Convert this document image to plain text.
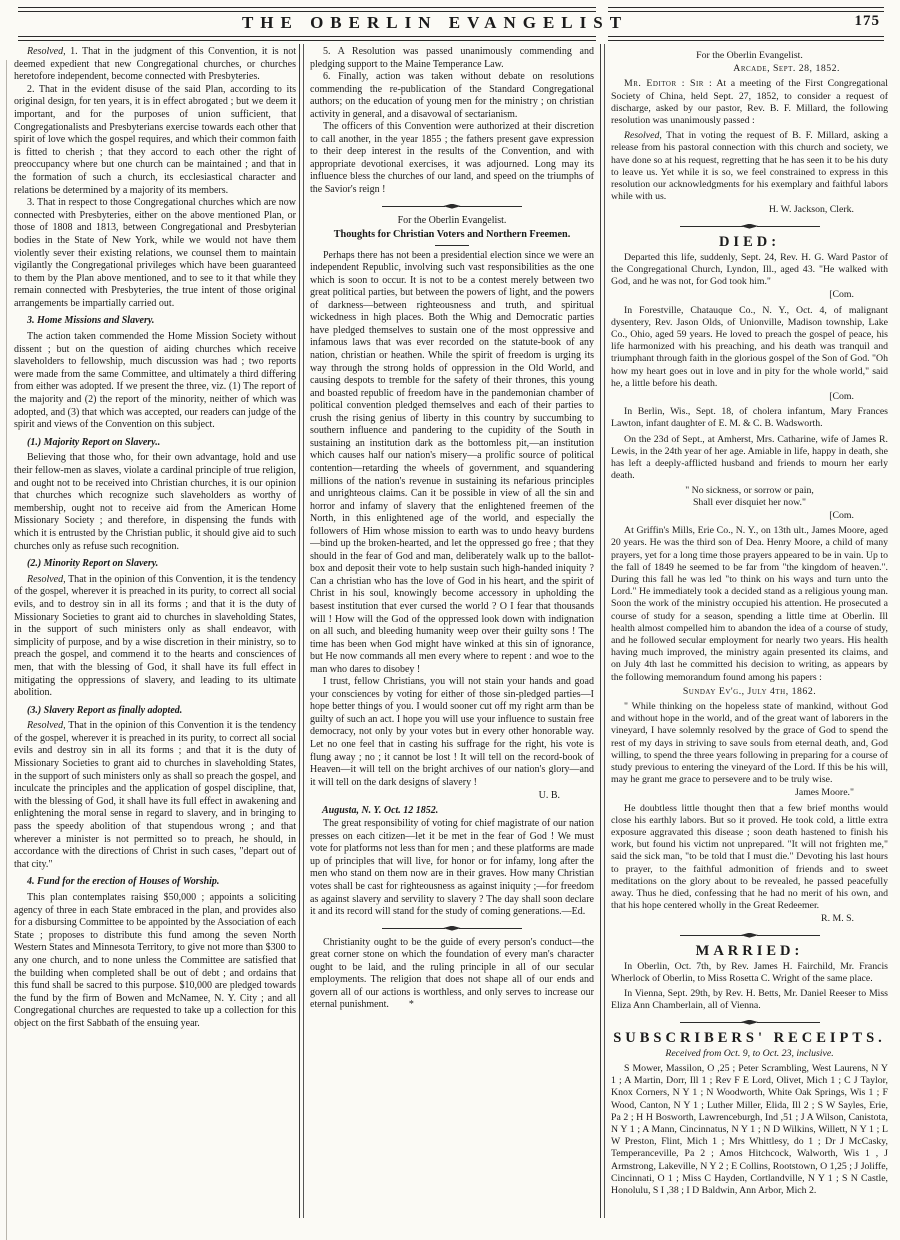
THE OBERLIN EVANGELIST	175
Resolved, 1. That in the judgment of this Convention, it is not deemed expedient that new Congregational churches, or churches heretofore independent, become connected with Presbyteries.
2. That in the evident disuse of the said Plan, according to its original design, for ten years, it is in effect abrogated ; but we deem it important, and for the purposes of union sufficient, that Congregationalists and Presbyterians exercise towards each other that spirit of love which the gospel requires, and which their common faith is fitted to cherish ; that they accord to each other the right of preoccupancy where but one church can be maintained ; and that in the formation of such a church, its ecclesiastical character and relations be determined by a majority of its members.
3. That in respect to those Congregational churches which are now connected with Presbyteries, either on the above mentioned Plan, or those of 1808 and 1813, between Congregational and Presbyterian bodies in the State of New York, while we would not have them violently sever their existing relations, we counsel them to maintain vigilantly the Congregational privileges which have been guaranteed to them by the Plan above mentioned, and to see to it that while they remain connected with Presbyteries, the true intent of those original arrangements be impartially carried out.
3. Home Missions and Slavery.
The action taken commended the Home Mission Society without dissent ; but on the question of aiding churches which receive slaveholders to fellowship, much discussion was had ; two reports were made from the same Committee, and ultimately a third differing from either was adopted. If we present the three, viz. (1) The report of the majority and (2) the report of the minority, neither of which was adopted, and (3) that which was accepted, our readers can judge of the spirit and views of the Convention on this subject.
(1.) Majority Report on Slavery..
Believing that those who, for their own advantage, hold and use their fellow-men as slaves, violate a cardinal principle of true religion, and ought not to be received into Christian churches, it is our opinion that churches which recognize such slaveholders as worthy of membership, ought not to receive aid from the American Home Missionary Society ; and therefore, in dispensing the funds with which it is entrusted by the Christian public, it should give aid to such churches only as refuse such recognition.
(2.) Minority Report on Slavery.
Resolved, That in the opinion of this Convention, it is the tendency of the gospel, wherever it is preached in its purity, to correct all social evils, and to destroy sin in all its forms ; and that it is the duty of Missionary Societies to grant aid to churches in slaveholding States, in the support of such ministers only as shall endeavor, with simplicity of purpose, and by a wise discretion in their ministry, so to preach the gospel, and commend it to the hearts and consciences of men, that with the blessing of God, it shall have its full effect in mitigating the oppressions of slavery, and leading to its ultimate abolition.
(3.) Slavery Report as finally adopted.
Resolved, That in the opinion of this Convention it is the tendency of the gospel, wherever it is preached in its purity, to correct all social evils and destroy sin in all its forms ; and that it is the duty of Missionary Societies to grant aid to churches in slaveholding States, in the support of such ministers only as shall so preach the gospel, and inculcate the principles and the application of gospel discipline, that, with the blessing of God, it shall have its full effect in awakening and enlightening the moral sense in regard to slavery, and in bringing to pass the speedy abolition of that stupendous wrong ; and that wherever a minister is not permitted so to preach, he should, in accordance with the directions of Christ in such cases, "depart out of that city."
4. Fund for the erection of Houses of Worship.
This plan contemplates raising $50,000 ; appoints a soliciting agency of three in each State embraced in the plan, and provides also for a disbursing Committee to be appointed by the Association of each State ; proposes to distribute this fund among the seven North Western States and Minnesota Territory, to give not more than $300 to any one church, and to none unless the Committee are satisfied that the building when completed shall be out of debt ; and ordains that this fund shall be sacred to this purpose. $10,000 are pledged towards the fund by the firm of Bowen and McNamee, N. Y. City ; and all Congregational churches are requested to take up a collection for this object on the first Sabbath of the ensuing year.
5. A Resolution was passed unanimously commending and pledging support to the Maine Temperance Law.
6. Finally, action was taken without debate on resolutions commending the re-publication of the Standard Congregational authors; on the education of young men for the ministry ; on christian activity in general, and a disavowal of sectarianism.
The officers of this Convention were authorized at their discretion to call another, in the year 1855 ; the fathers present gave expression to their deep interest in the results of the Convention, and with appropriate devotional exercises, it was adjourned. Long may its influence bless the churches of our land, and speed on the triumphs of the Savior's reign !
For the Oberlin Evangelist.
Thoughts for Christian Voters and Northern Freemen.
Perhaps there has not been a presidential election since we were an independent Republic, involving such vast responsibilities as the one which is soon to occur. It is not to be a contest merely between two great political parties, but between the powers of light, and the powers of darkness—between righteousness and truth, and spiritual wickedness in high places. Both the Whig and Democratic parties have pledged themselves to sustain one of the most oppressive and infamous laws that was ever recorded on the statute-book of any nation, christian or heathen. While the spirit of freedom is urging its way through the strong holds of oppression in the Old World, and causing despots to tremble for the safety of their thrones, this young and boasted republic of freedom have in the pandemonian chamber of political convention pledged themselves and each of their parties to crush the rising genius of liberty in this country by succumbing to southern influence and pandering to the cupidity of the South in sustaining an institution dark as the bottomless pit,—an institution which causes half our nation's misery—a prolific source of political contention—retarding the wheels of government, and squandering millions of the nation's revenue in sustaining its nefarious principles and unrighteous claims. Can it be possible in view of all the sin and horror and infamy of slavery that the enlightened freemen of the North, in this enlightened age of the world, and especially the followers of Him whose mission to earth was to undo heavy burdens—bind up the broken-hearted, and let the oppressed go free ; that they should in the fear of God and man, deliberately walk up to the ballot-box and deposit their vote to help sustain such high-handed iniquity ? Can a christian who has the love of God in his heart, and the spirit of Christ in his soul, knowingly become accessory in upholding the basest institution that ever cursed the world ? O I fear that thousands will ! How will the God of the oppressed look down with indignation on all such, and bleeding humanity weep over their guilty sons ! The time has been when God might have winked at this sin of ignorance, but He now commands all men every where to repent : and woe to the man who dares to disobey !
I trust, fellow Christians, you will not stain your hands and goad your consciences by voting for either of those sin-pledged parties—I hope better things of you. I would sooner cut off my right arm than be guilty of such an act. I hope you will use your influence to sustain free democracy, not only by your votes but in every other honorable way. Let no one feel that in casting his suffrage for the right, his vote is flung away ; no ; it cannot be lost ! It will tell on the record-book of Heaven—it will tell on the bright archives of our nation's glory—and it will tell on the dark designs of slavery !
U. B.
Augusta, N. Y. Oct. 12 1852.
The great responsibility of voting for chief magistrate of our nation presses on each citizen—let it be met in the fear of God ! We must vote for platforms not less than for men ; and these platforms are made up of principles that will live, for honor or for infamy, long after the men who stand on them now are in their graves. How many Christian votes shall be cast for righteousness as against iniquity ;—for freedom as against slavery and servility to slavery ? The day shall soon declare it and its record will stand for the study of coming generations.—Ed.
Christianity ought to be the guide of every person's conduct—the great corner stone on which the foundation of every man's character ought to be laid, and the ruling principle in all of our secular employments. The religion that does not shape all of our ends and govern all of our actions is worthless, and only serves to increase our eternal punishment.  *
For the Oberlin Evangelist.
Arcade, Sept. 28, 1852.
Mr. Editor : Sir : At a meeting of the First Congregational Society of China, held Sept. 27, 1852, to consider a request of discharge, asked by our pastor, Rev. B. F. Millard, the following resolution was unanimously passed :
Resolved, That in voting the request of B. F. Millard, asking a release from his pastoral connection with this church and society, we have done so at his request, regretting that he has seen it to be his duty to leave us. Yet while it is so, we feel constrained to express in this resolution our acknowledgments for his exemplary and faithful labors while with us.
H. W. Jackson, Clerk.
DIED:
Departed this life, suddenly, Sept. 24, Rev. H. G. Ward Pastor of the Congregational Church, Lyndon, Ill., aged 43. "He walked with God, and he was not, for God took him."
[Com.
In Forestville, Chatauque Co., N. Y., Oct. 4, of malignant dysentery, Rev. Jason Olds, of Unionville, Madison township, Lake Co., Ohio, aged 59 years. He loved to preach the gospel of peace, his life harmonized with his preaching, and his death was tranquil and triumphant through faith in the glorious gospel of the Son of God. "Oh how my heart goes out in love and in pity for the whole world," said he, a little before his death.
[Com.
In Berlin, Wis., Sept. 18, of cholera infantum, Mary Frances Lawton, infant daughter of E. M. & C. B. Wadsworth.
On the 23d of Sept., at Amherst, Mrs. Catharine, wife of James R. Lewis, in the 24th year of her age. Amiable in life, happy in death, she has left a deeply-afflicted husband and friends to mourn her early death.
" No sickness, or sorrow or pain,
Shall ever disquiet her now."
[Com.
At Griffin's Mills, Erie Co., N. Y., on 13th ult., James Moore, aged 20 years. He was the third son of Dea. Henry Moore, a child of many prayers, yet for a long time those prayers appeared to be in vain. Up to the fall of 1849 he seemed to be far from "the kingdom of heaven.". During this fall he was led "to think on his ways and turn unto the Lord." He immediately took a decided stand as a religious young man. Soon the work of the ministry occupied his attention. He prosecuted a course of study for a season, spending a little time at Oberlin. Ill health almost compelled him to abandon the idea of a course of study, and he followed secular employment for nearly two years. His health having much improved, the ministry again presented its claims, and on July 4th last he committed his decision to writing, as appears by the following memorandum found among his papers :
Sunday Ev'g., July 4th, 1862.
" While thinking on the hopeless state of mankind, without God and without hope in the world, and of the great want of laborers in the vineyard, I have solemnly resolved by the grace of God to spend the rest of my days in striving to save souls from eternal death, and, God willing, to spend the three years following in preparing for a course of study previous to entering the vineyard of the Lord. If this be his will, may he grant me grace to persevere and to be truly wise.
James Moore."
He doubtless little thought then that a few brief months would close his earthly labors. But so it proved. He took cold, a little extra exposure aggravated this disease ; soon death hastened to finish his work, but found his victim not unprepared. "It will not frighten me," said the sick man, "to be told that I must die." Devoting his last hours to prayer, to the faithful admonition of friends and to sweet meditations on the glory about to be revealed, he passed peacefully away. Thus he died, confessing that he had no merit of his own, and that his hope centered wholly in the Great Redeemer.
R. M. S.
MARRIED:
In Oberlin, Oct. 7th, by Rev. James H. Fairchild, Mr. Francis Wherlock of Oberlin, to Miss Rosetta C. Wright of the same place.
In Vienna, Sept. 29th, by Rev. H. Betts, Mr. Daniel Reeser to Miss Eliza Ann Chamberlain, all of Vienna.
SUBSCRIBERS' RECEIPTS.
Received from Oct. 9, to Oct. 23, inclusive.
S Mower, Massilon, O ,25 ; Peter Scrambling, West Laurens, N Y 1 ; A Martin, Dorr, Ill 1 ; Rev F E Lord, Olivet, Mich 1 ; C J Taylor, Knox Corners, N Y 1 ; N Woodworth, White Oak Springs, Wis 1 ; F Wood, Canton, N Y 1 ; Luther Miller, Elida, Ill 2 ; S W Sayles, Erie, Pa 2 ; H H Bosworth, Lawrenceburgh, Ind ,51 ; J A Wilson, Canistota, N Y 1 ; A Mann, Cincinnatus, N Y 1 ; N D Wilkins, Willett, N Y 1 ; L W Preston, Flint, Mich 1 ; Mrs Whittlesy, do 1 ; Dr J McCasky, Temperanceville, Pa 2 ; Amos Hitchcock, Walworth, Wis 1 , J Armstrong, Lakeville, N Y 2 ; E Collins, Rootstown, O 1,25 ; J Joliffe, Cincinnati, O 1 ; Miss C Hayden, Cortlandville, N Y 1 ; S N Castle, Honolulu, S I ,38 ; I D Baldwin, Ann Arbor, Mich 2.
